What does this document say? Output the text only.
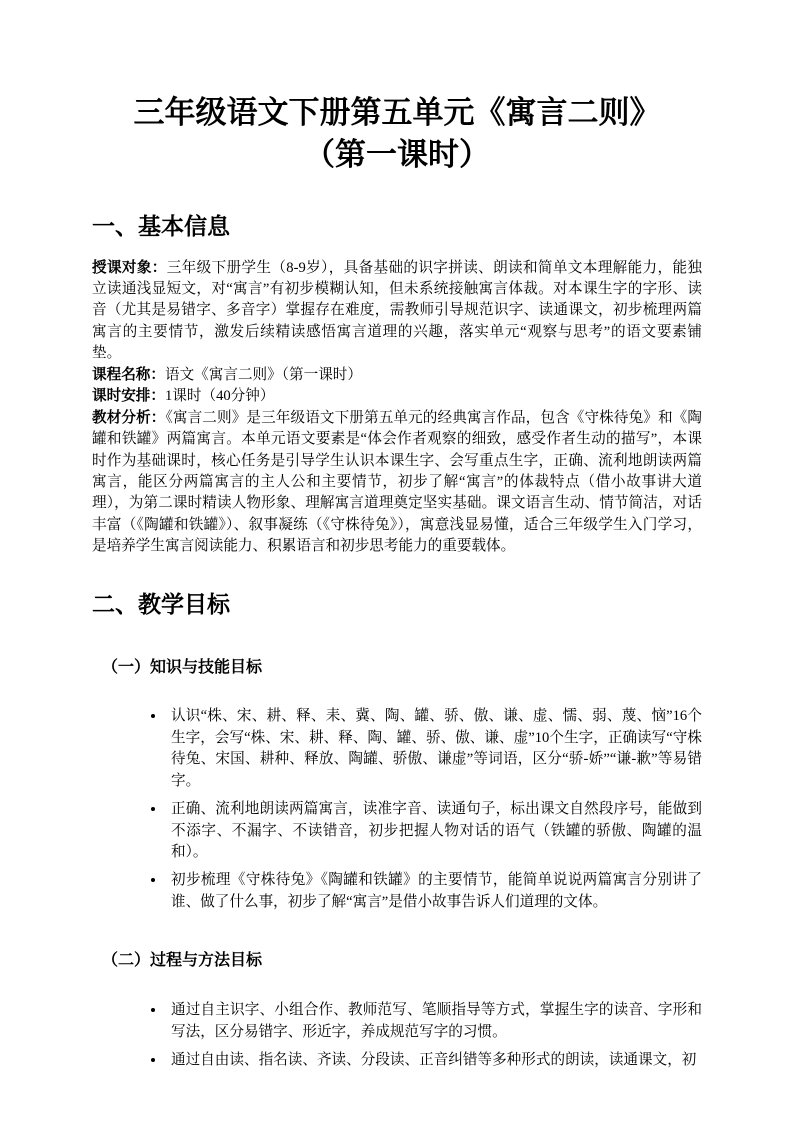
三年级语文下册第五单元《寓言二则》
（第一课时）
一、基本信息

授课对象：三年级下册学生（8-9岁），具备基础的识字拼读、朗读和简单文本理解能力，能独立读通浅显短文，对“寓言”有初步模糊认知，但未系统接触寓言体裁。对本课生字的字形、读音（尤其是易错字、多音字）掌握存在难度，需教师引导规范识字、读通课文，初步梳理两篇寓言的主要情节，激发后续精读感悟寓言道理的兴趣，落实单元“观察与思考”的语文要素铺垫。

课程名称：语文《寓言二则》（第一课时）

课时安排：1课时（40分钟）

教材分析：《寓言二则》是三年级语文下册第五单元的经典寓言作品，包含《守株待兔》和《陶罐和铁罐》两篇寓言。本单元语文要素是“体会作者观察的细致，感受作者生动的描写”，本课时作为基础课时，核心任务是引导学生认识本课生字、会写重点生字，正确、流利地朗读两篇寓言，能区分两篇寓言的主人公和主要情节，初步了解“寓言”的体裁特点（借小故事讲大道理），为第二课时精读人物形象、理解寓言道理奠定坚实基础。课文语言生动、情节简洁，对话丰富（《陶罐和铁罐》）、叙事凝练（《守株待兔》），寓意浅显易懂，适合三年级学生入门学习，是培养学生寓言阅读能力、积累语言和初步思考能力的重要载体。

二、教学目标
（一）知识与技能目标
• 认识“株、宋、耕、释、耒、冀、陶、罐、骄、傲、谦、虚、懦、弱、蔑、恼”16个生字，会写“株、宋、耕、释、陶、罐、骄、傲、谦、虚”10个生字，正确读写“守株待兔、宋国、耕种、释放、陶罐、骄傲、谦虚”等词语，区分“骄-娇”“谦-歉”等易错字。
• 正确、流利地朗读两篇寓言，读准字音、读通句子，标出课文自然段序号，能做到不添字、不漏字、不读错音，初步把握人物对话的语气（铁罐的骄傲、陶罐的温和）。
• 初步梳理《守株待兔》《陶罐和铁罐》的主要情节，能简单说说两篇寓言分别讲了谁、做了什么事，初步了解“寓言”是借小故事告诉人们道理的文体。
（二）过程与方法目标
• 通过自主识字、小组合作、教师范写、笔顺指导等方式，掌握生字的读音、字形和写法，区分易错字、形近字，养成规范写字的习惯。
• 通过自由读、指名读、齐读、分段读、正音纠错等多种形式的朗读，读通课文，初
